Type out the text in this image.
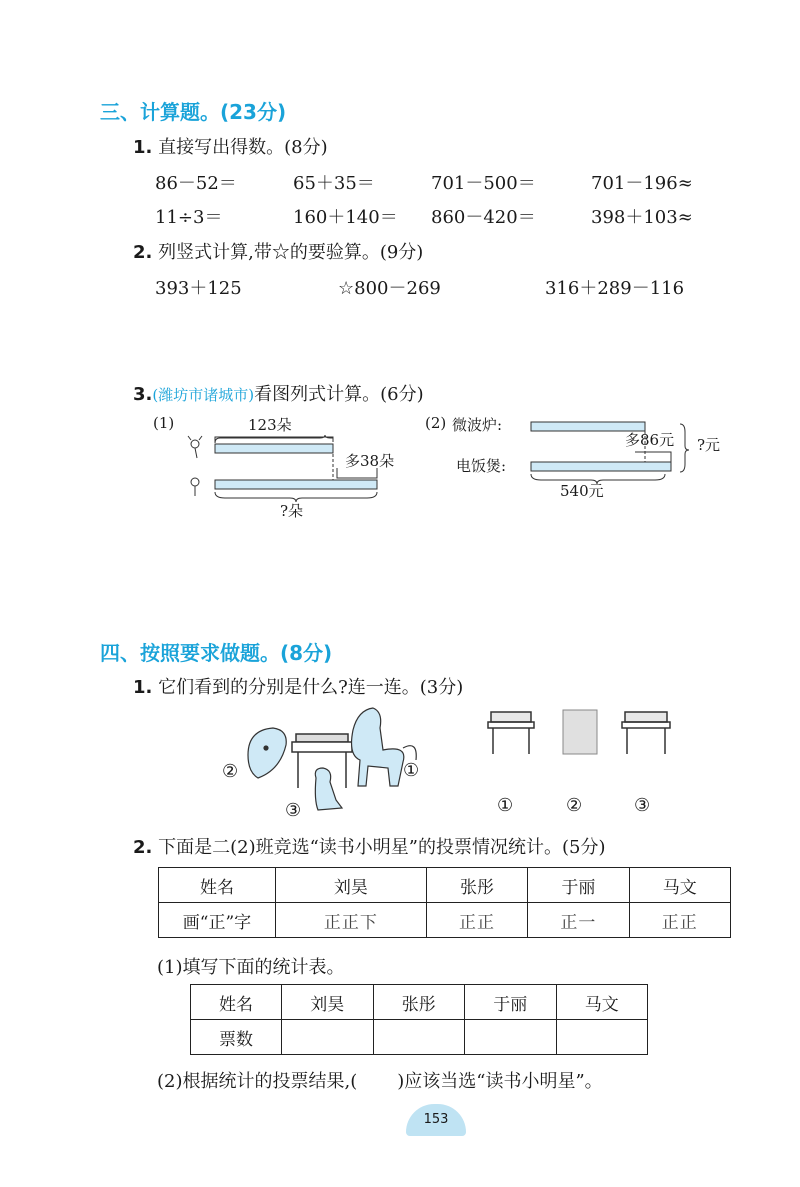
三、计算题。(23分)
1. 直接写出得数。(8分)
86－52＝	65＋35＝	701－500＝	701－196≈
11÷3＝	160＋140＝ 860－420＝	398＋103≈
2. 列竖式计算,带☆的要验算。(9分)
393＋125	☆800－269	316＋289－116
3.(潍坊市诸城市)看图列式计算。(6分)
(1)	123朵
多38朵
?朵
(2) 微波炉:
电饭煲:
多86元 ?元
540元
四、按照要求做题。(8分)
1. 它们看到的分别是什么?连一连。(3分)
②	①
③	①	②	③
2. 下面是二(2)班竞选“读书小明星”的投票情况统计。(5分)
姓名	刘昊	张彤	于丽	马文
画“正”字	正正下	正正	正一	正正
(1)填写下面的统计表。
姓名	刘昊	张彤	于丽	马文
票数				
(2)根据统计的投票结果,( )应该当选“读书小明星”。
153
